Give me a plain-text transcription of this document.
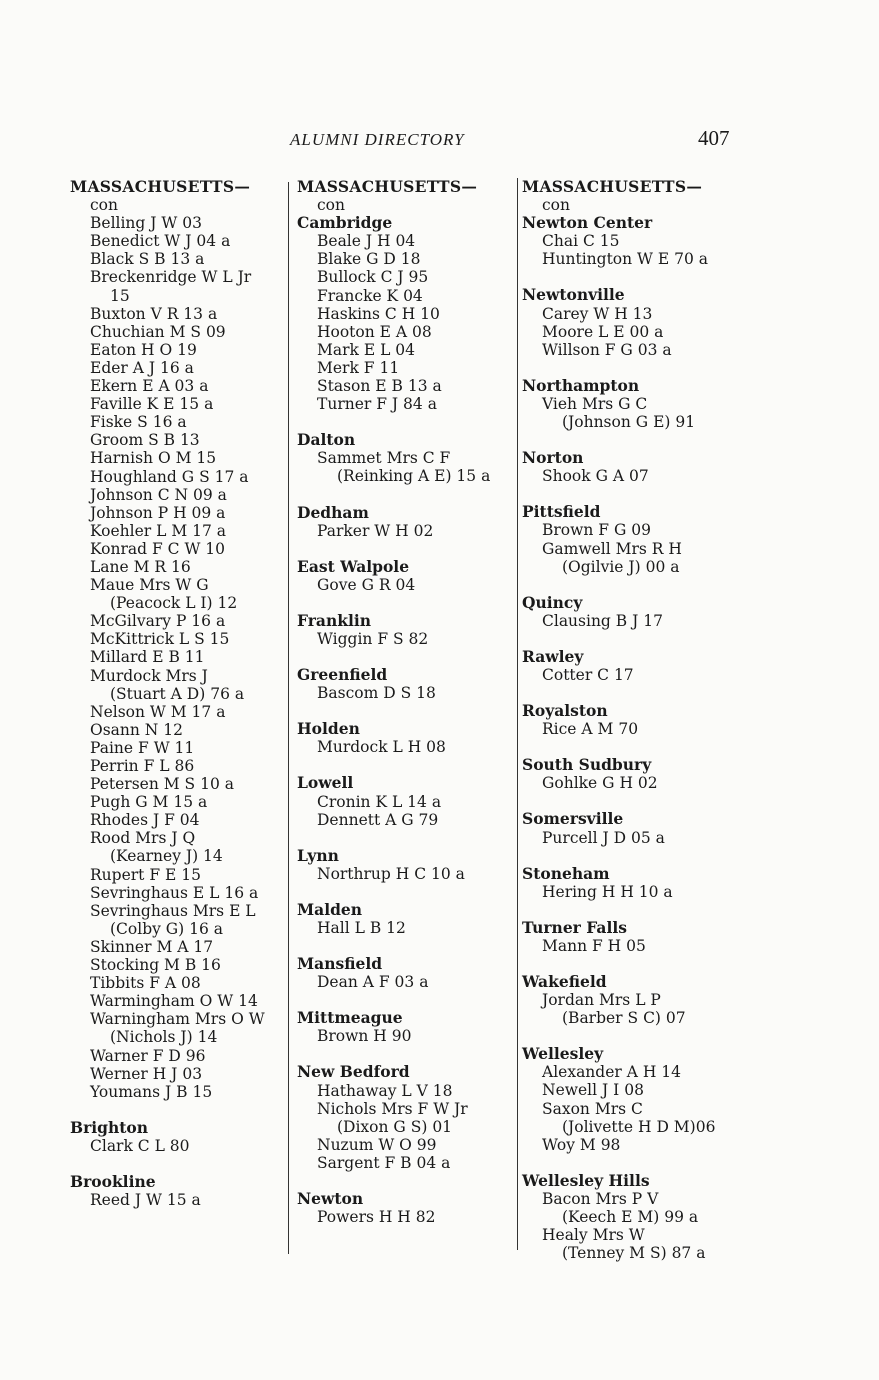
ALUMNI DIRECTORY	407
MASSACHUSETTS—
con
Belling J W 03
Benedict W J 04 a
Black S B 13 a
Breckenridge W L Jr
15
Buxton V R 13 a
Chuchian M S 09
Eaton H O 19
Eder A J 16 a
Ekern E A 03 a
Faville K E 15 a
Fiske S 16 a
Groom S B 13
Harnish O M 15
Houghland G S 17 a
Johnson C N 09 a
Johnson P H 09 a
Koehler L M 17 a
Konrad F C W 10
Lane M R 16
Maue Mrs W G
(Peacock L I) 12
McGilvary P 16 a
McKittrick L S 15
Millard E B 11
Murdock Mrs J
(Stuart A D) 76 a
Nelson W M 17 a
Osann N 12
Paine F W 11
Perrin F L 86
Petersen M S 10 a
Pugh G M 15 a
Rhodes J F 04
Rood Mrs J Q
(Kearney J) 14
Rupert F E 15
Sevringhaus E L 16 a
Sevringhaus Mrs E L
(Colby G) 16 a
Skinner M A 17
Stocking M B 16
Tibbits F A 08
Warmingham O W 14
Warningham Mrs O W
(Nichols J) 14
Warner F D 96
Werner H J 03
Youmans J B 15
Brighton
Clark C L 80
Brookline
Reed J W 15 a
MASSACHUSETTS—
con
Cambridge
Beale J H 04
Blake G D 18
Bullock C J 95
Francke K 04
Haskins C H 10
Hooton E A 08
Mark E L 04
Merk F 11
Stason E B 13 a
Turner F J 84 a
Dalton
Sammet Mrs C F
(Reinking A E) 15 a
Dedham
Parker W H 02
East Walpole
Gove G R 04
Franklin
Wiggin F S 82
Greenfield
Bascom D S 18
Holden
Murdock L H 08
Lowell
Cronin K L 14 a
Dennett A G 79
Lynn
Northrup H C 10 a
Malden
Hall L B 12
Mansfield
Dean A F 03 a
Mittmeague
Brown H 90
New Bedford
Hathaway L V 18
Nichols Mrs F W Jr
(Dixon G S) 01
Nuzum W O 99
Sargent F B 04 a
Newton
Powers H H 82
MASSACHUSETTS—
con
Newton Center
Chai C 15
Huntington W E 70 a
Newtonville
Carey W H 13
Moore L E 00 a
Willson F G 03 a
Northampton
Vieh Mrs G C
(Johnson G E) 91
Norton
Shook G A 07
Pittsfield
Brown F G 09
Gamwell Mrs R H
(Ogilvie J) 00 a
Quincy
Clausing B J 17
Rawley
Cotter C 17
Royalston
Rice A M 70
South Sudbury
Gohlke G H 02
Somersville
Purcell J D 05 a
Stoneham
Hering H H 10 a
Turner Falls
Mann F H 05
Wakefield
Jordan Mrs L P
(Barber S C) 07
Wellesley
Alexander A H 14
Newell J I 08
Saxon Mrs C
(Jolivette H D M)06
Woy M 98
Wellesley Hills
Bacon Mrs P V
(Keech E M) 99 a
Healy Mrs W
(Tenney M S) 87 a
